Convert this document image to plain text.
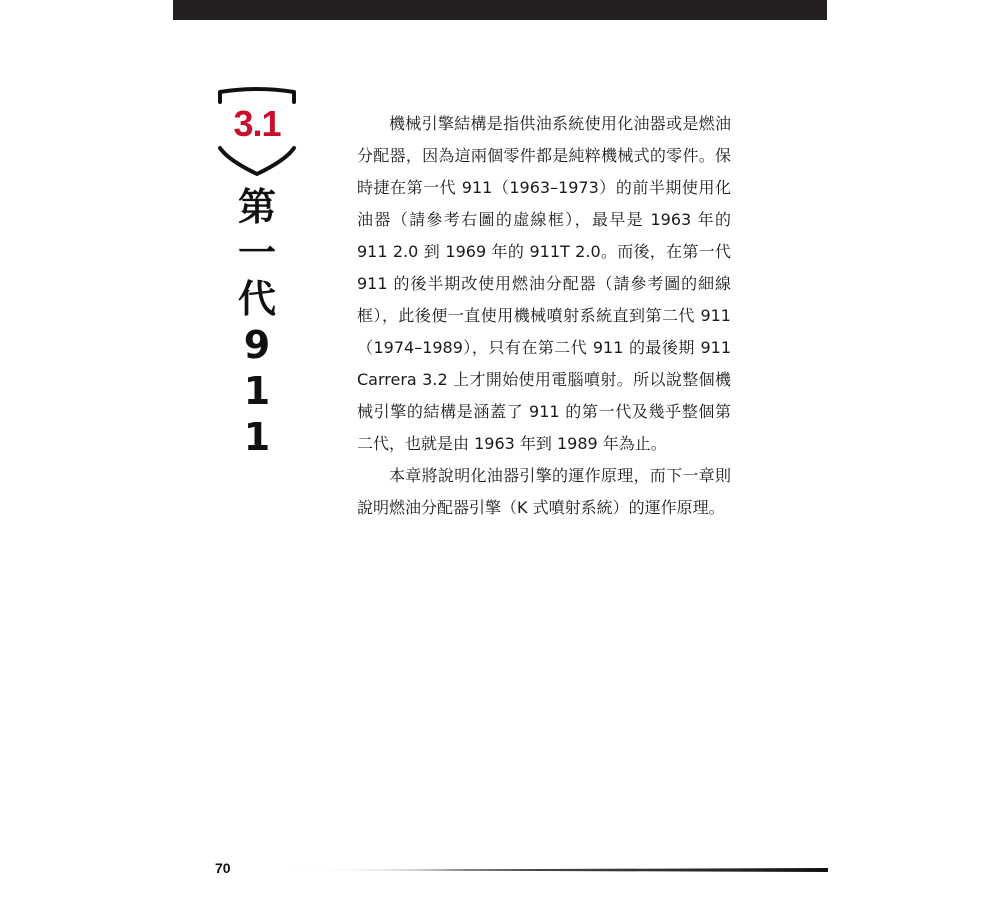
3.1
第
一
代
9
1
1

機械引擎結構是指供油系統使用化油器或是燃油分配器，因為這兩個零件都是純粹機械式的零件。保時捷在第一代 911（1963–1973）的前半期使用化油器（請參考右圖的虛線框），最早是 1963 年的 911 2.0 到 1969 年的 911T 2.0。而後，在第一代 911 的後半期改使用燃油分配器（請參考圖的細線框），此後便一直使用機械噴射系統直到第二代 911（1974–1989），只有在第二代 911 的最後期 911 Carrera 3.2 上才開始使用電腦噴射。所以說整個機械引擎的結構是涵蓋了 911 的第一代及幾乎整個第二代，也就是由 1963 年到 1989 年為止。

本章將說明化油器引擎的運作原理，而下一章則說明燃油分配器引擎（K 式噴射系統）的運作原理。

70
